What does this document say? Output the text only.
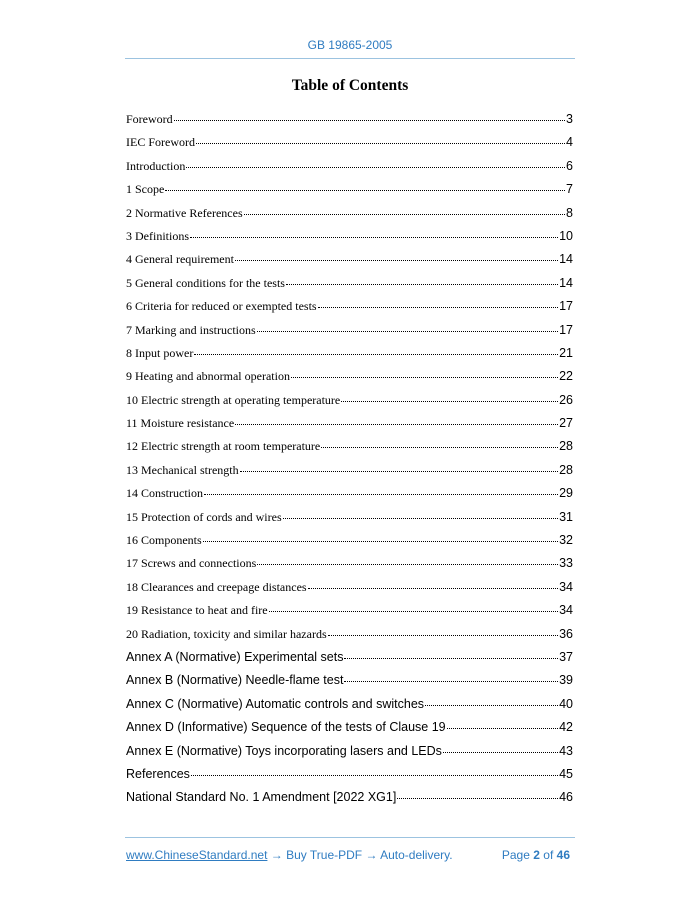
GB 19865-2005
Table of Contents
Foreword	3
IEC Foreword	4
Introduction	6
1 Scope	7
2 Normative References	8
3 Definitions	10
4 General requirement	14
5 General conditions for the tests	14
6 Criteria for reduced or exempted tests	17
7 Marking and instructions	17
8 Input power	21
9 Heating and abnormal operation	22
10 Electric strength at operating temperature	26
11 Moisture resistance	27
12 Electric strength at room temperature	28
13 Mechanical strength	28
14 Construction	29
15 Protection of cords and wires	31
16 Components	32
17 Screws and connections	33
18 Clearances and creepage distances	34
19 Resistance to heat and fire	34
20 Radiation, toxicity and similar hazards	36
Annex A (Normative) Experimental sets	37
Annex B (Normative) Needle-flame test	39
Annex C (Normative) Automatic controls and switches	40
Annex D (Informative) Sequence of the tests of Clause 19	42
Annex E (Normative) Toys incorporating lasers and LEDs	43
References	45
National Standard No. 1 Amendment [2022 XG1]	46
www.ChineseStandard.net → Buy True-PDF → Auto-delivery.	Page 2 of 46
